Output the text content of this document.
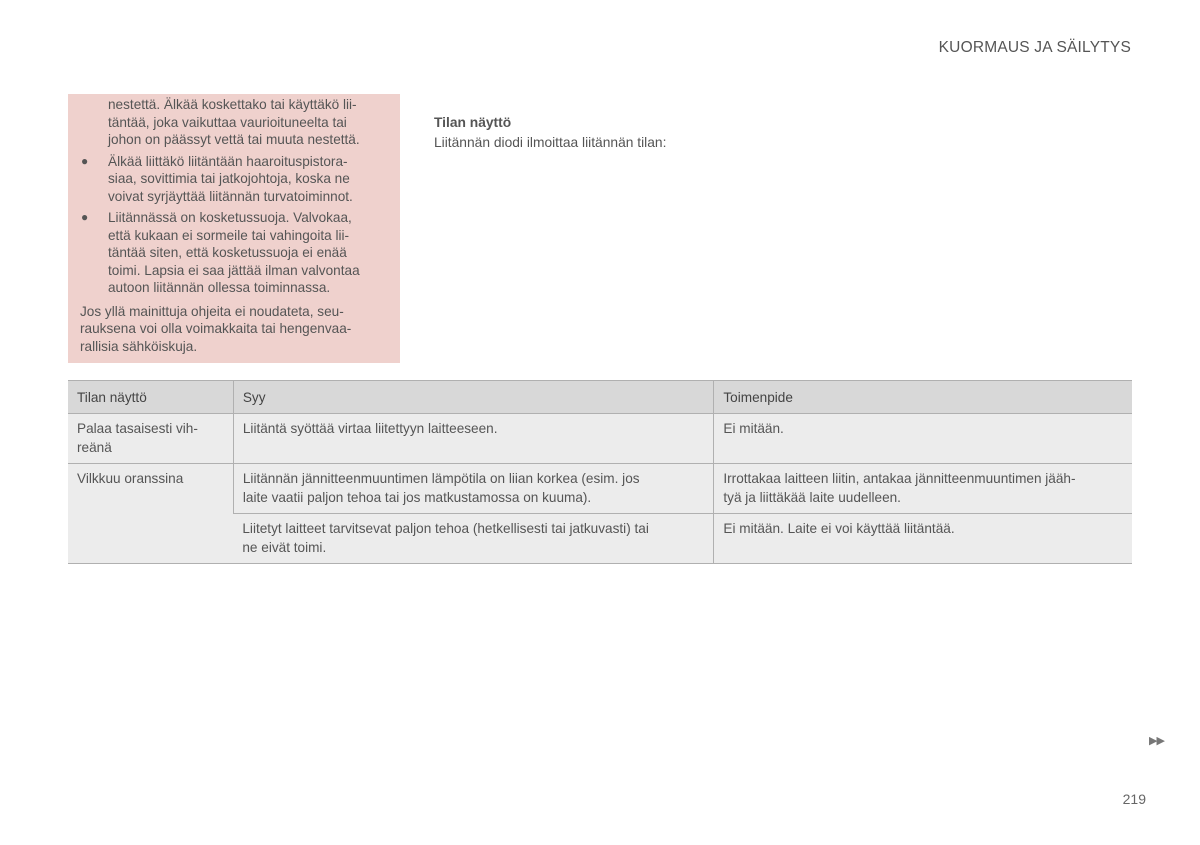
KUORMAUS JA SÄILYTYS

nestettä. Älkää koskettako tai käyttäkö lii-
täntää, joka vaikuttaa vaurioituneelta tai
johon on päässyt vettä tai muuta nestettä.

● Älkää liittäkö liitäntään haaroituspistora-
siaa, sovittimia tai jatkojohtoja, koska ne
voivat syrjäyttää liitännän turvatoiminnot.
● Liitännässä on kosketussuoja. Valvokaa,
että kukaan ei sormeile tai vahingoita lii-
täntää siten, että kosketussuoja ei enää
toimi. Lapsia ei saa jättää ilman valvontaa
autoon liitännän ollessa toiminnassa.

Jos yllä mainittuja ohjeita ei noudateta, seu-
rauksena voi olla voimakkaita tai hengenvaa-
rallisia sähköiskuja.

Tilan näyttö
Liitännän diodi ilmoittaa liitännän tilan:
Tilan näyttö	Syy	Toimenpide
Palaa tasaisesti vih-
reänä	Liitäntä syöttää virtaa liitettyyn laitteeseen.	Ei mitään.
Vilkkuu oranssina	Liitännän jännitteenmuuntimen lämpötila on liian korkea (esim. jos
laite vaatii paljon tehoa tai jos matkustamossa on kuuma).	Irrottakaa laitteen liitin, antakaa jännitteenmuuntimen jääh-
tyä ja liittäkää laite uudelleen.
	Liitetyt laitteet tarvitsevat paljon tehoa (hetkellisesti tai jatkuvasti) tai
ne eivät toimi.	Ei mitään. Laite ei voi käyttää liitäntää.
▶▶
219
